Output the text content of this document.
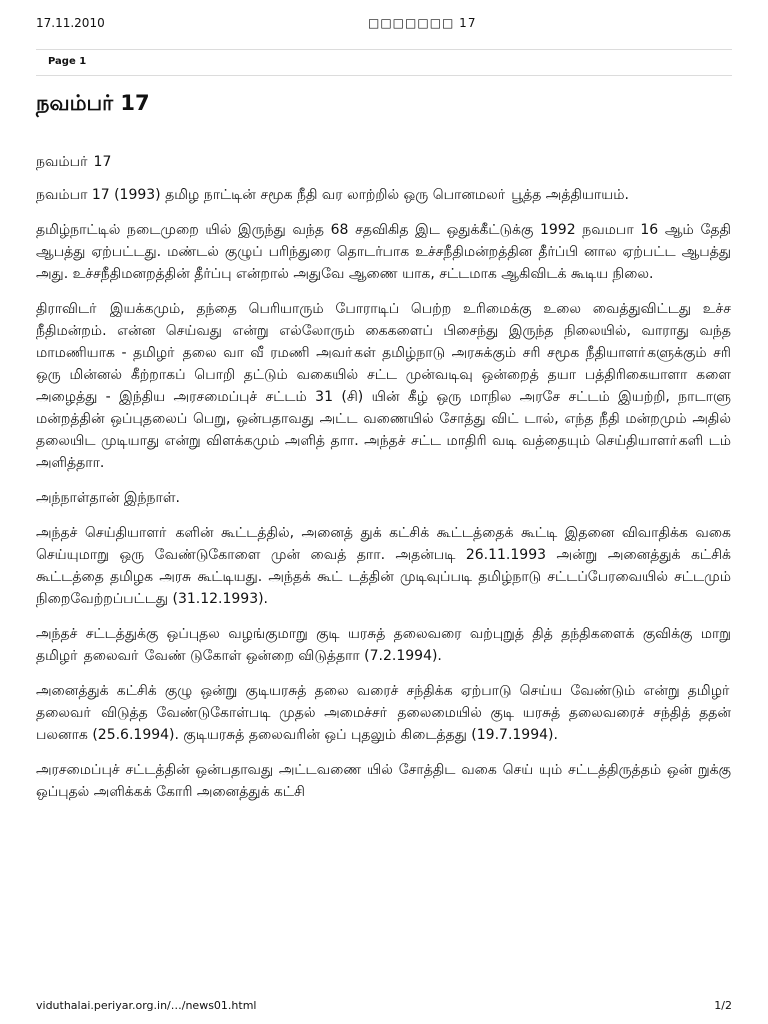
17.11.2010	□□□□□□□ 17
Page 1
நவம்பர் 17

நவம்பா் 17

நவம்பா 17 (1993) தமிழ நாட்டின் சமூக நீதி வர லாற்றில் ஒரு பொனமலா் பூத்த அத்தியாயம்.

தமிழ்நாட்டில் நடைமுறை யில் இருந்து வந்த 68 சதவிகித இட ஒதுக்கீட்டுக்கு 1992 நவமபா 16 ஆம் தேதி ஆபத்து ஏற்பட்டது. மண்டல் குழுப் பரிந்துரை தொடர்பாக உச்சநீதிமன்றத்தின தீர்ப்பி னால ஏற்பட்ட ஆபத்து அது. உச்சநீதிமனறத்தின் தீர்ப்பு என்றால் அதுவே ஆணை யாக, சட்டமாக ஆகிவிடக் கூடிய நிலை.

திராவிடா் இயக்கமும், தந்தை பெரியாரும் போராடிப் பெற்ற உரிமைக்கு உலை வைத்துவிட்டது உச்ச நீதிமன்றம். என்ன செய்வது என்று எல்லோரும் கைகளைப் பிசைந்து இருந்த நிலையில், வாராது வந்த மாமணியாக - தமிழா் தலை வா வீ ரமணி அவா்கள் தமிழ்நாடு அரசுக்கும் சரி சமூக நீதியாளா்களுக்கும் சரி ஒரு மின்னல் கீற்றாகப் பொறி தட்டும் வகையில் சட்ட முன்வடிவு ஒன்றைத் தயா பத்திரிகையாளா களை அழைத்து - இந்திய அரசமைப்புச் சட்டம் 31 (சி) யின் கீழ் ஒரு மாநில அரசே சட்டம் இயற்றி, நாடாளு மன்றத்தின் ஒப்புதலைப் பெறு, ஒன்பதாவது அட்ட வணையில் சோத்து விட் டால், எந்த நீதி மன்றமும் அதில் தலையிட முடியாது என்று விளக்கமும் அளித் தாா. அந்தச் சட்ட மாதிரி வடி வத்தையும் செய்தியாளா்களி டம் அளித்தாா.

அந்நாள்தான் இந்நாள்.

அந்தச் செய்தியாளா் களின் கூட்டத்தில், அனைத் துக் கட்சிக் கூட்டத்தைக் கூட்டி இதனை விவாதிக்க வகை செய்யுமாறு ஒரு வேண்டுகோளை முன் வைத் தாா. அதன்படி 26.11.1993 அன்று அனைத்துக் கட்சிக் கூட்டத்தை தமிழக அரசு கூட்டியது. அந்தக் கூட் டத்தின் முடிவுப்படி தமிழ்நாடு சட்டப்பேரவையில் சட்டமும் நிறைவேற்றப்பட்டது (31.12.1993).

அந்தச் சட்டத்துக்கு ஒப்புதல வழங்குமாறு குடி யரசுத் தலைவரை வற்புறுத் தித் தந்திகளைக் குவிக்கு மாறு தமிழா் தலைவா் வேண் டுகோள் ஒன்றை விடுத்தாா (7.2.1994).

அனைத்துக் கட்சிக் குழு ஒன்று குடியரசுத் தலை வரைச் சந்திக்க ஏற்பாடு செய்ய வேண்டும் என்று தமிழா் தலைவா் விடுத்த வேண்டுகோள்படி முதல் அமைச்சா் தலைமையில் குடி யரசுத் தலைவரைச் சந்தித் ததன் பலனாக (25.6.1994). குடியரசுத் தலைவரின் ஒப் புதலும் கிடைத்தது (19.7.1994).

அரசமைப்புச் சட்டத்தின் ஒன்பதாவது அட்டவணை யில் சோத்திட வகை செய் யும் சட்டத்திருத்தம் ஒன் றுக்கு ஒப்புதல் அளிக்கக் கோரி அனைத்துக் கட்சி

viduthalai.periyar.org.in/…/news01.html	1/2
